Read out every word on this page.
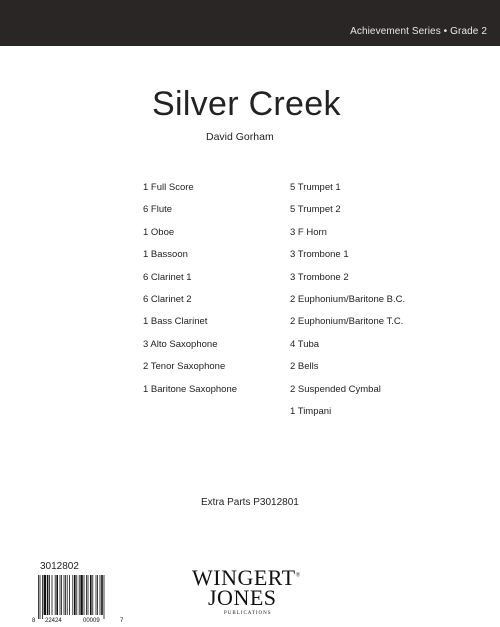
Achievement Series • Grade 2
Silver Creek
David Gorham
1 Full Score
6 Flute
1 Oboe
1 Bassoon
6 Clarinet 1
6 Clarinet 2
1 Bass Clarinet
3 Alto Saxophone
2 Tenor Saxophone
1 Baritone Saxophone
5 Trumpet 1
5 Trumpet 2
3 F Horn
3 Trombone 1
3 Trombone 2
2 Euphonium/Baritone B.C.
2 Euphonium/Baritone T.C.
4 Tuba
2 Bells
2 Suspended Cymbal
1 Timpani
Extra Parts P3012801
3012802
8 22424	00009	7
WINGERT®
JONES
PUBLICATIONS
